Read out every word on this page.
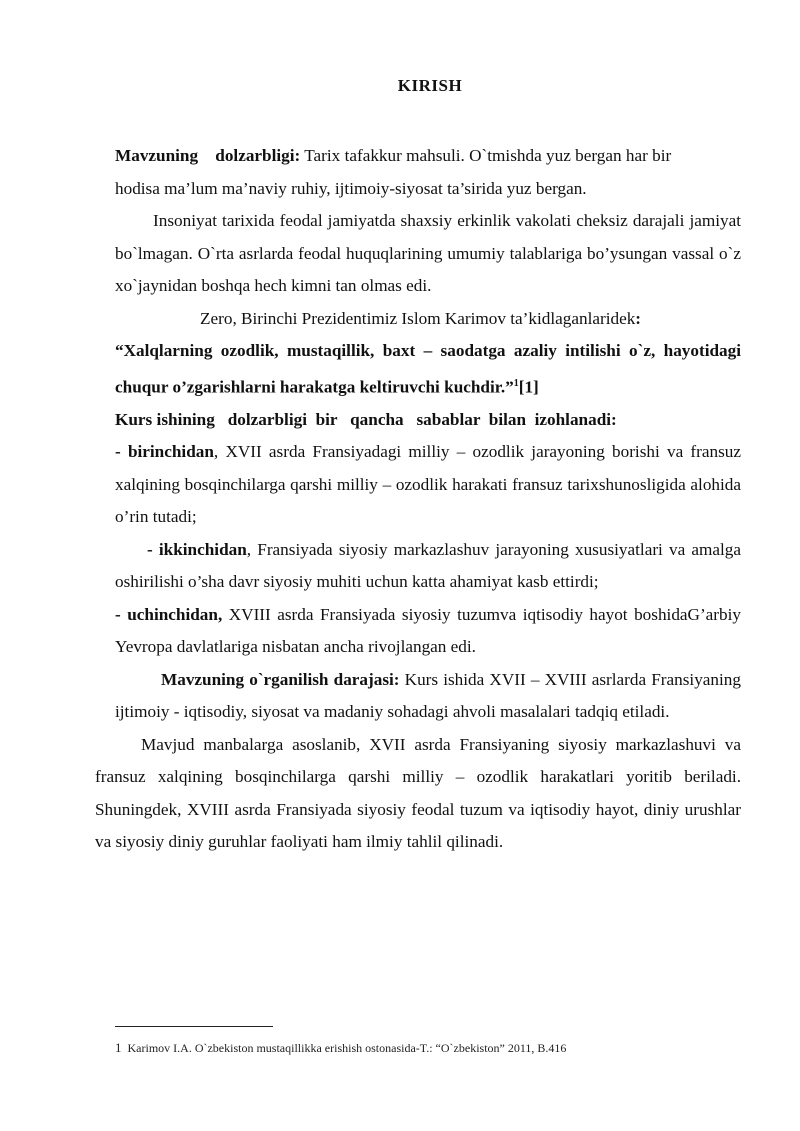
KIRISH

Mavzuning    dolzarbligi: Tarix tafakkur mahsuli. O`tmishda yuz bergan har bir
hodisa ma’lum ma’naviy ruhiy, ijtimoiy-siyosat ta’sirida yuz bergan.

Insoniyat tarixida feodal jamiyatda shaxsiy erkinlik vakolati cheksiz darajali jamiyat bo`lmagan. O`rta asrlarda feodal huquqlarining umumiy talablariga bo’ysungan vassal o`z xo`jaynidan boshqa hech kimni tan olmas edi.

Zero, Birinchi Prezidentimiz Islom Karimov ta’kidlaganlaridek:

“Xalqlarning ozodlik, mustaqillik, baxt – saodatga azaliy intilishi o`z, hayotidagi chuqur o’zgarishlarni harakatga keltiruvchi kuchdir.”$^1$[1]

Kurs ishining   dolzarbligi  bir   qancha   sabablar  bilan  izohlanadi:

- birinchidan, XVII asrda Fransiyadagi milliy – ozodlik jarayoning borishi va fransuz xalqining bosqinchilarga qarshi milliy – ozodlik harakati fransuz tarixshunosligida alohida o’rin tutadi;

- ikkinchidan, Fransiyada siyosiy markazlashuv jarayoning xususiyatlari va amalga oshirilishi o’sha davr siyosiy muhiti uchun katta ahamiyat kasb ettirdi;

- uchinchidan, XVIII asrda Fransiyada siyosiy tuzumva iqtisodiy hayot boshidaG’arbiy Yevropa davlatlariga nisbatan ancha rivojlangan edi.

Mavzuning o`rganilish darajasi: Kurs ishida XVII – XVIII asrlarda Fransiyaning ijtimoiy - iqtisodiy, siyosat va madaniy sohadagi ahvoli masalalari tadqiq etiladi.

Mavjud manbalarga asoslanib, XVII asrda Fransiyaning siyosiy markazlashuvi va fransuz xalqining bosqinchilarga qarshi milliy – ozodlik harakatlari yoritib beriladi. Shuningdek, XVIII asrda Fransiyada siyosiy feodal tuzum va iqtisodiy hayot, diniy urushlar va siyosiy diniy guruhlar faoliyati ham ilmiy tahlil qilinadi.

1 Karimov I.A. O`zbekiston mustaqillikka erishish ostonasida-T.: “O`zbekiston” 2011, B.416
